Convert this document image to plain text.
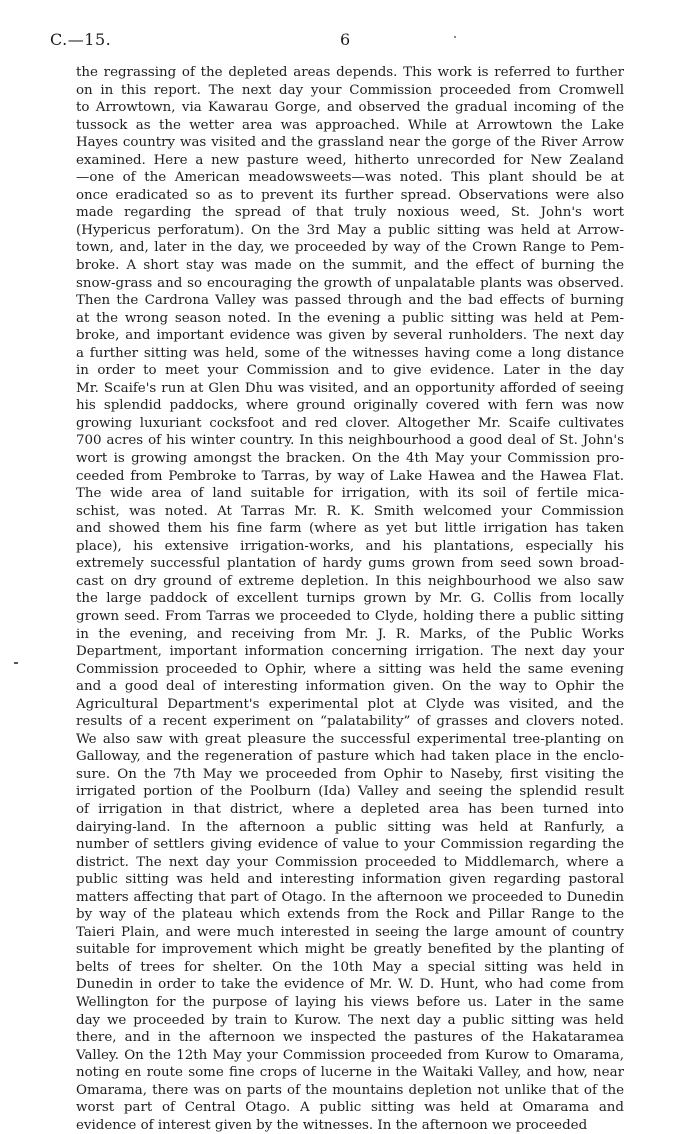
C.—15.	6
the regrassing of the depleted areas depends. This work is referred to further
on in this report. The next day your Commission proceeded from Cromwell
to Arrowtown, via Kawarau Gorge, and observed the gradual incoming of the
tussock as the wetter area was approached. While at Arrowtown the Lake
Hayes country was visited and the grassland near the gorge of the River Arrow
examined. Here a new pasture weed, hitherto unrecorded for New Zealand
—one of the American meadowsweets—was noted. This plant should be at
once eradicated so as to prevent its further spread. Observations were also
made regarding the spread of that truly noxious weed, St. John's wort
(Hypericus perforatum). On the 3rd May a public sitting was held at Arrow-
town, and, later in the day, we proceeded by way of the Crown Range to Pem-
broke. A short stay was made on the summit, and the effect of burning the
snow-grass and so encouraging the growth of unpalatable plants was observed.
Then the Cardrona Valley was passed through and the bad effects of burning
at the wrong season noted. In the evening a public sitting was held at Pem-
broke, and important evidence was given by several runholders. The next day
a further sitting was held, some of the witnesses having come a long distance
in order to meet your Commission and to give evidence. Later in the day
Mr. Scaife's run at Glen Dhu was visited, and an opportunity afforded of seeing
his splendid paddocks, where ground originally covered with fern was now
growing luxuriant cocksfoot and red clover. Altogether Mr. Scaife cultivates
700 acres of his winter country. In this neighbourhood a good deal of St. John's
wort is growing amongst the bracken. On the 4th May your Commission pro-
ceeded from Pembroke to Tarras, by way of Lake Hawea and the Hawea Flat.
The wide area of land suitable for irrigation, with its soil of fertile mica-
schist, was noted. At Tarras Mr. R. K. Smith welcomed your Commission
and showed them his fine farm (where as yet but little irrigation has taken
place), his extensive irrigation-works, and his plantations, especially his
extremely successful plantation of hardy gums grown from seed sown broad-
cast on dry ground of extreme depletion. In this neighbourhood we also saw
the large paddock of excellent turnips grown by Mr. G. Collis from locally
grown seed. From Tarras we proceeded to Clyde, holding there a public sitting
in the evening, and receiving from Mr. J. R. Marks, of the Public Works
Department, important information concerning irrigation. The next day your
Commission proceeded to Ophir, where a sitting was held the same evening
and a good deal of interesting information given. On the way to Ophir the
Agricultural Department's experimental plot at Clyde was visited, and the
results of a recent experiment on “palatability” of grasses and clovers noted.
We also saw with great pleasure the successful experimental tree-planting on
Galloway, and the regeneration of pasture which had taken place in the enclo-
sure. On the 7th May we proceeded from Ophir to Naseby, first visiting the
irrigated portion of the Poolburn (Ida) Valley and seeing the splendid result
of irrigation in that district, where a depleted area has been turned into
dairying-land. In the afternoon a public sitting was held at Ranfurly, a
number of settlers giving evidence of value to your Commission regarding the
district. The next day your Commission proceeded to Middlemarch, where a
public sitting was held and interesting information given regarding pastoral
matters affecting that part of Otago. In the afternoon we proceeded to Dunedin
by way of the plateau which extends from the Rock and Pillar Range to the
Taieri Plain, and were much interested in seeing the large amount of country
suitable for improvement which might be greatly benefited by the planting of
belts of trees for shelter. On the 10th May a special sitting was held in
Dunedin in order to take the evidence of Mr. W. D. Hunt, who had come from
Wellington for the purpose of laying his views before us. Later in the same
day we proceeded by train to Kurow. The next day a public sitting was held
there, and in the afternoon we inspected the pastures of the Hakataramea
Valley. On the 12th May your Commission proceeded from Kurow to Omarama,
noting en route some fine crops of lucerne in the Waitaki Valley, and how, near
Omarama, there was on parts of the mountains depletion not unlike that of the
worst part of Central Otago. A public sitting was held at Omarama and
evidence of interest given by the witnesses. In the afternoon we proceeded
